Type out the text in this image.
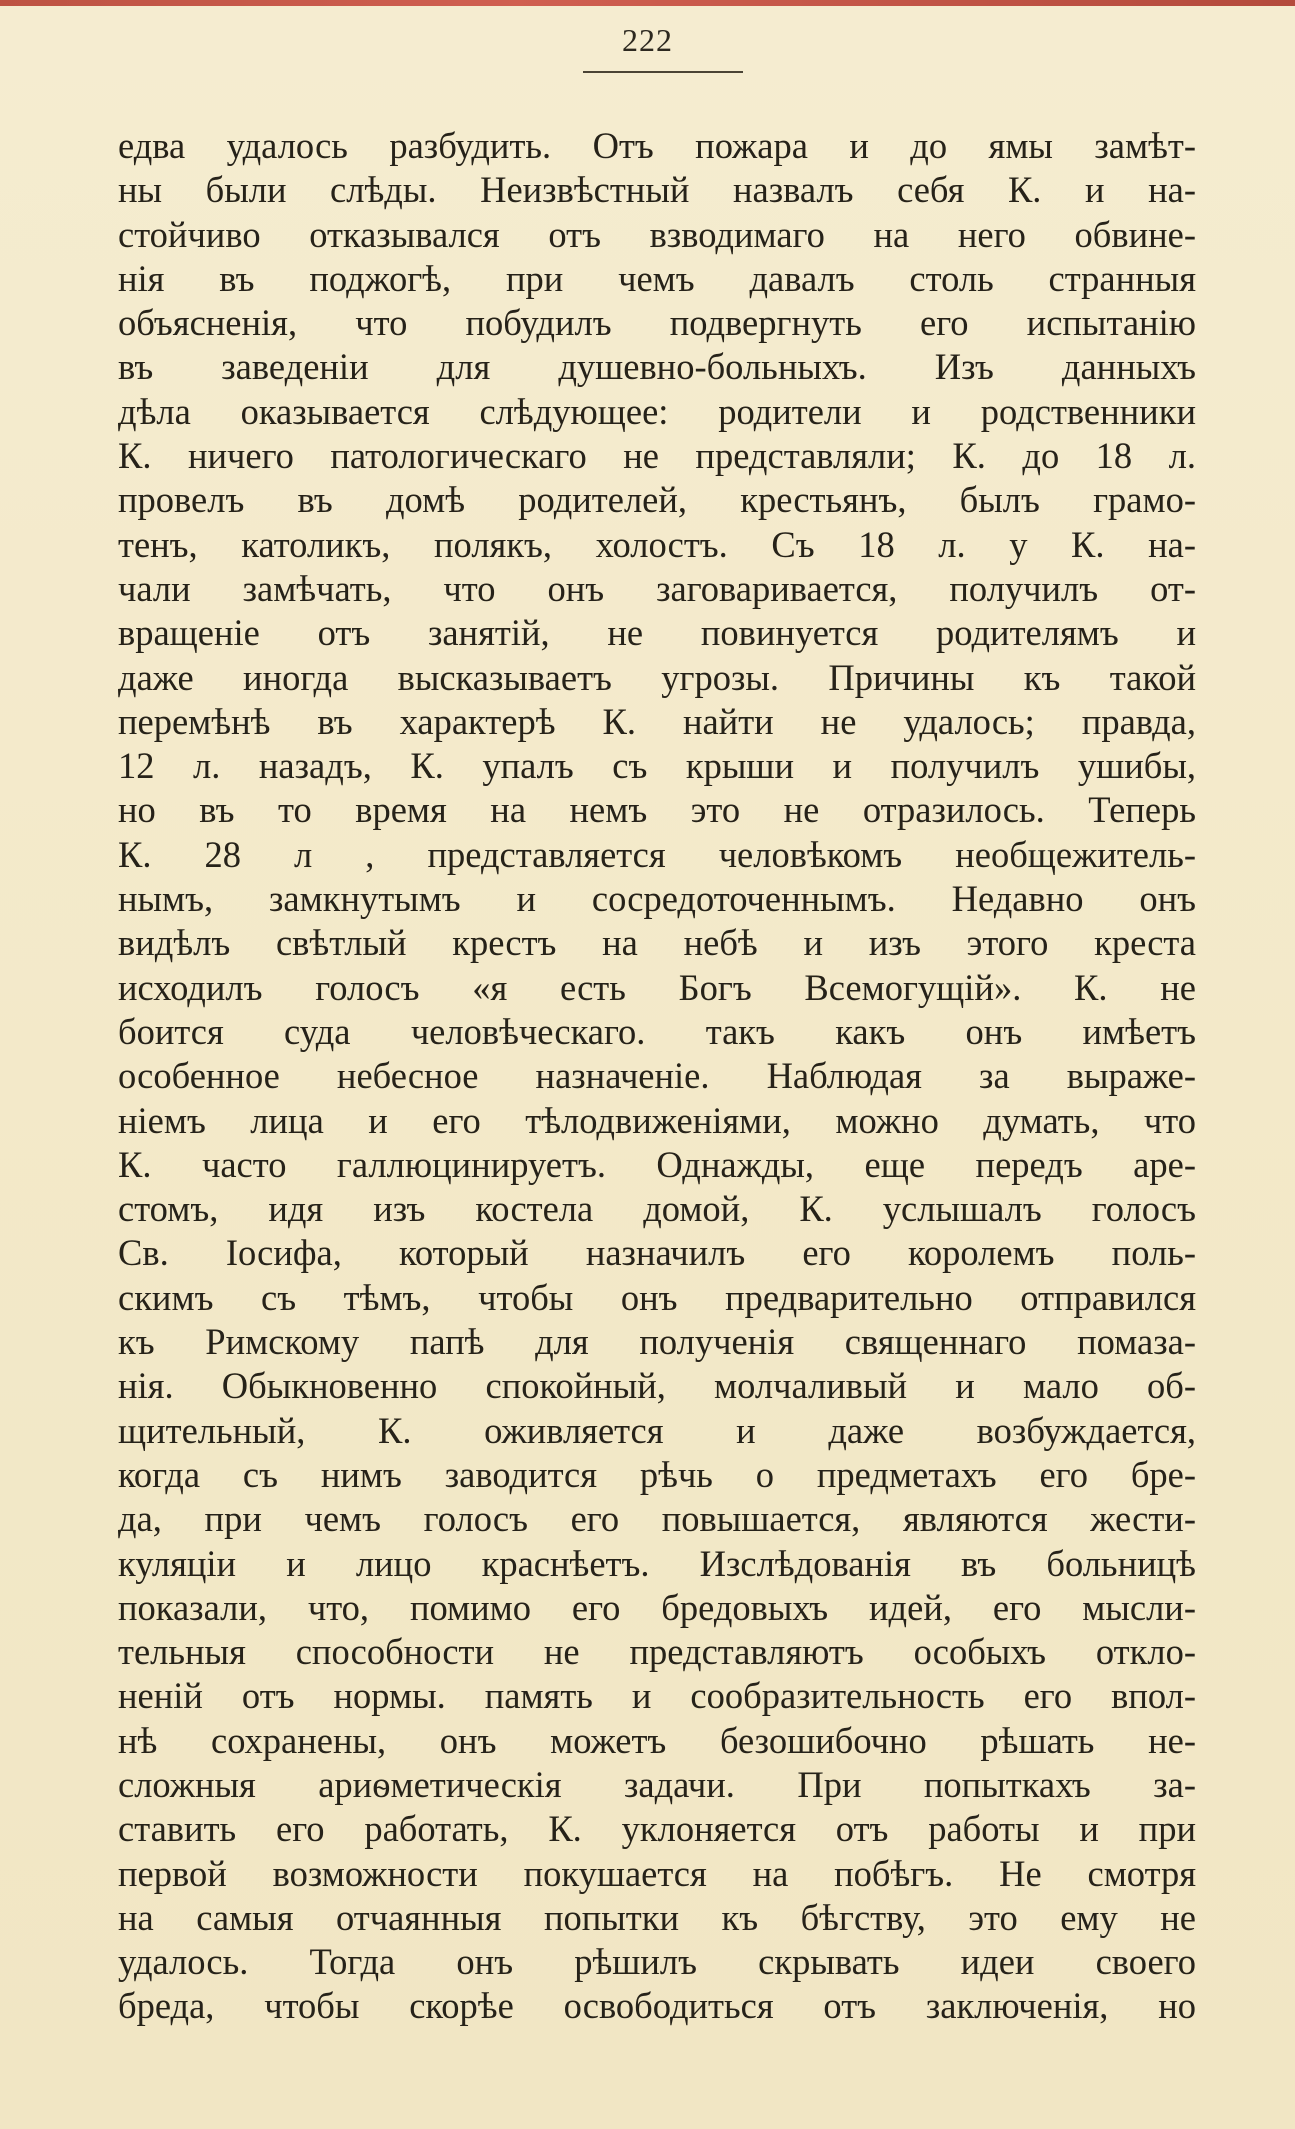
222
едва удалось разбудить. Отъ пожара и до ямы замѣт-
ны были слѣды. Неизвѣстный назвалъ себя К. и на-
стойчиво отказывался отъ взводимаго на него обвине-
нія въ поджогѣ, при чемъ давалъ столь странныя
объясненія, что побудилъ подвергнуть его испытанію
въ заведеніи для душевно-больныхъ. Изъ данныхъ
дѣла оказывается слѣдующее: родители и родственники
К. ничего патологическаго не представляли; К. до 18 л.
провелъ въ домѣ родителей, крестьянъ, былъ грамо-
тенъ, католикъ, полякъ, холостъ. Съ 18 л. у К. на-
чали замѣчать, что онъ заговаривается, получилъ от-
вращеніе отъ занятій, не повинуется родителямъ и
даже иногда высказываетъ угрозы. Причины къ такой
перемѣнѣ въ характерѣ К. найти не удалось; правда,
12 л. назадъ, К. упалъ съ крыши и получилъ ушибы,
но въ то время на немъ это не отразилось. Теперь
К. 28 л , представляется человѣкомъ необщежитель-
нымъ, замкнутымъ и сосредоточеннымъ. Недавно онъ
видѣлъ свѣтлый крестъ на небѣ и изъ этого креста
исходилъ голосъ «я есть Богъ Всемогущій». К. не
боится суда человѣческаго. такъ какъ онъ имѣетъ
особенное небесное назначеніе. Наблюдая за выраже-
ніемъ лица и его тѣлодвиженіями, можно думать, что
К. часто галлюцинируетъ. Однажды, еще передъ аре-
стомъ, идя изъ костела домой, К. услышалъ голосъ
Св. Іосифа, который назначилъ его королемъ поль-
скимъ съ тѣмъ, чтобы онъ предварительно отправился
къ Римскому папѣ для полученія священнаго помаза-
нія. Обыкновенно спокойный, молчаливый и мало об-
щительный, К. оживляется и даже возбуждается,
когда съ нимъ заводится рѣчь о предметахъ его бре-
да, при чемъ голосъ его повышается, являются жести-
куляціи и лицо краснѣетъ. Изслѣдованія въ больницѣ
показали, что, помимо его бредовыхъ идей, его мысли-
тельныя способности не представляютъ особыхъ откло-
неній отъ нормы. память и сообразительность его впол-
нѣ сохранены, онъ можетъ безошибочно рѣшать не-
сложныя ариѳметическія задачи. При попыткахъ за-
ставить его работать, К. уклоняется отъ работы и при
первой возможности покушается на побѣгъ. Не смотря
на самыя отчаянныя попытки къ бѣгству, это ему не
удалось. Тогда онъ рѣшилъ скрывать идеи своего
бреда, чтобы скорѣе освободиться отъ заключенія, но
